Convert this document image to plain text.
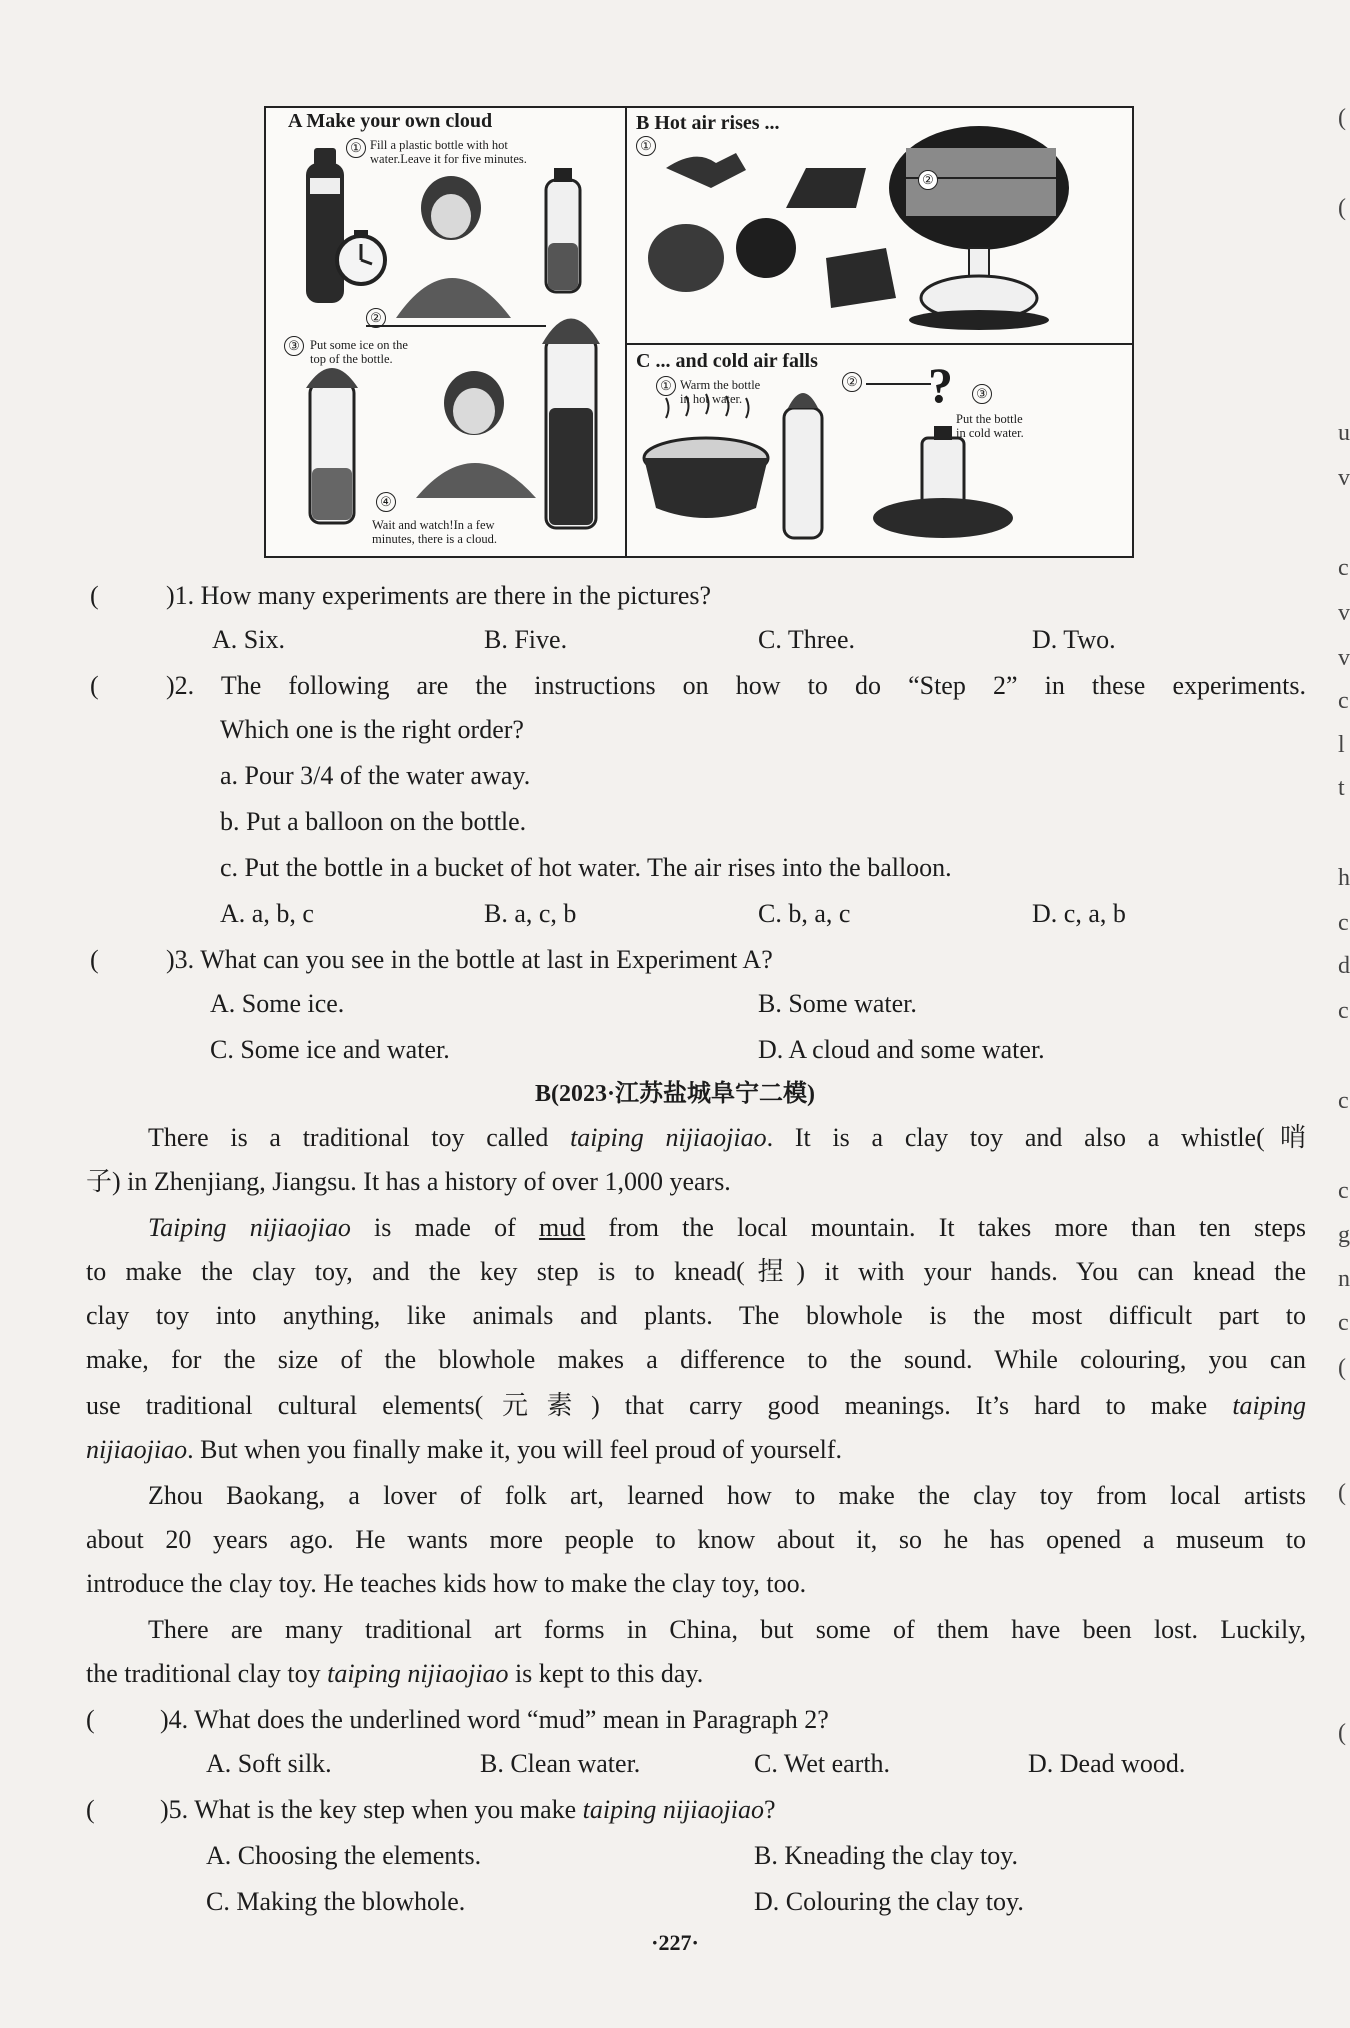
A Make your own cloud
① Fill a plastic bottle with hot
water.Leave it for five minutes.
②
③ Put some ice on the
top of the bottle.
④
Wait and watch!In a few
minutes, there is a cloud.
B Hot air rises ...
①
②
C ... and cold air falls
① Warm the bottle
in hot water.
② ?	③
Put the bottle
in cold water.
(	)1. How many experiments are there in the pictures?
A. Six.	B. Five.	C. Three.	D. Two.
(	)2. The following are the instructions on how to do “Step 2” in these experiments.
Which one is the right order?
a. Pour 3/4 of the water away.
b. Put a balloon on the bottle.
c. Put the bottle in a bucket of hot water. The air rises into the balloon.
A. a, b, c	B. a, c, b	C. b, a, c	D. c, a, b
(	)3. What can you see in the bottle at last in Experiment A?
A. Some ice.	B. Some water.
C. Some ice and water.	D. A cloud and some water.
B(2023·江苏盐城阜宁二模)
There is a traditional toy called taiping nijiaojiao. It is a clay toy and also a whistle(哨
子) in Zhenjiang, Jiangsu. It has a history of over 1,000 years.
Taiping nijiaojiao is made of mud from the local mountain. It takes more than ten steps
to make the clay toy, and the key step is to knead(捏) it with your hands. You can knead the
clay toy into anything, like animals and plants. The blowhole is the most difficult part to
make, for the size of the blowhole makes a difference to the sound. While colouring, you can
use traditional cultural elements(元素) that carry good meanings. It’s hard to make taiping
nijiaojiao. But when you finally make it, you will feel proud of yourself.
Zhou Baokang, a lover of folk art, learned how to make the clay toy from local artists
about 20 years ago. He wants more people to know about it, so he has opened a museum to
introduce the clay toy. He teaches kids how to make the clay toy, too.
There are many traditional art forms in China, but some of them have been lost. Luckily,
the traditional clay toy taiping nijiaojiao is kept to this day.
(	)4. What does the underlined word “mud” mean in Paragraph 2?
A. Soft silk.	B. Clean water.	C. Wet earth.	D. Dead wood.
(	)5. What is the key step when you make taiping nijiaojiao?
A. Choosing the elements.	B. Kneading the clay toy.
C. Making the blowhole.	D. Colouring the clay toy.
·227·
(
(
u
v
c
v
v
c
l
t
h
c
d
c
c
c
g
n
c
(
(
(
